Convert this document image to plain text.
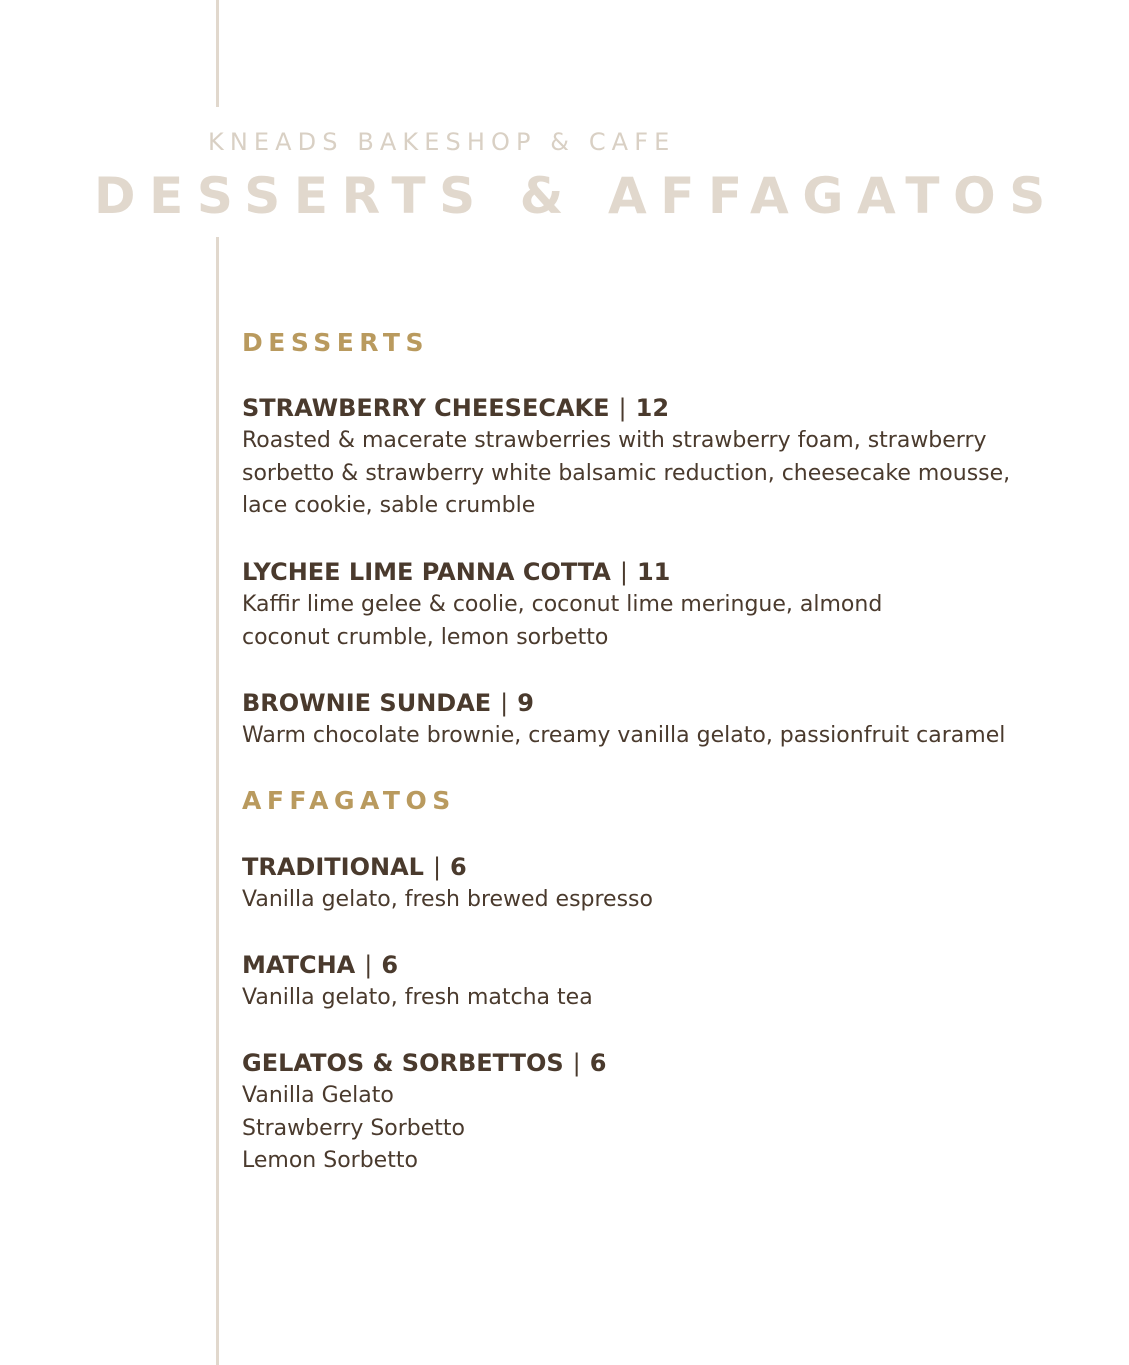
KNEADS BAKESHOP & CAFE
DESSERTS & AFFAGATOS
DESSERTS
STRAWBERRY CHEESECAKE | 12
Roasted & macerate strawberries with strawberry foam, strawberry
sorbetto & strawberry white balsamic reduction, cheesecake mousse,
lace cookie, sable crumble
LYCHEE LIME PANNA COTTA | 11
Kaffir lime gelee & coolie, coconut lime meringue, almond
coconut crumble, lemon sorbetto
BROWNIE SUNDAE | 9
Warm chocolate brownie, creamy vanilla gelato, passionfruit caramel
AFFAGATOS
TRADITIONAL | 6
Vanilla gelato, fresh brewed espresso
MATCHA | 6
Vanilla gelato, fresh matcha tea
GELATOS & SORBETTOS | 6
Vanilla Gelato
Strawberry Sorbetto
Lemon Sorbetto
